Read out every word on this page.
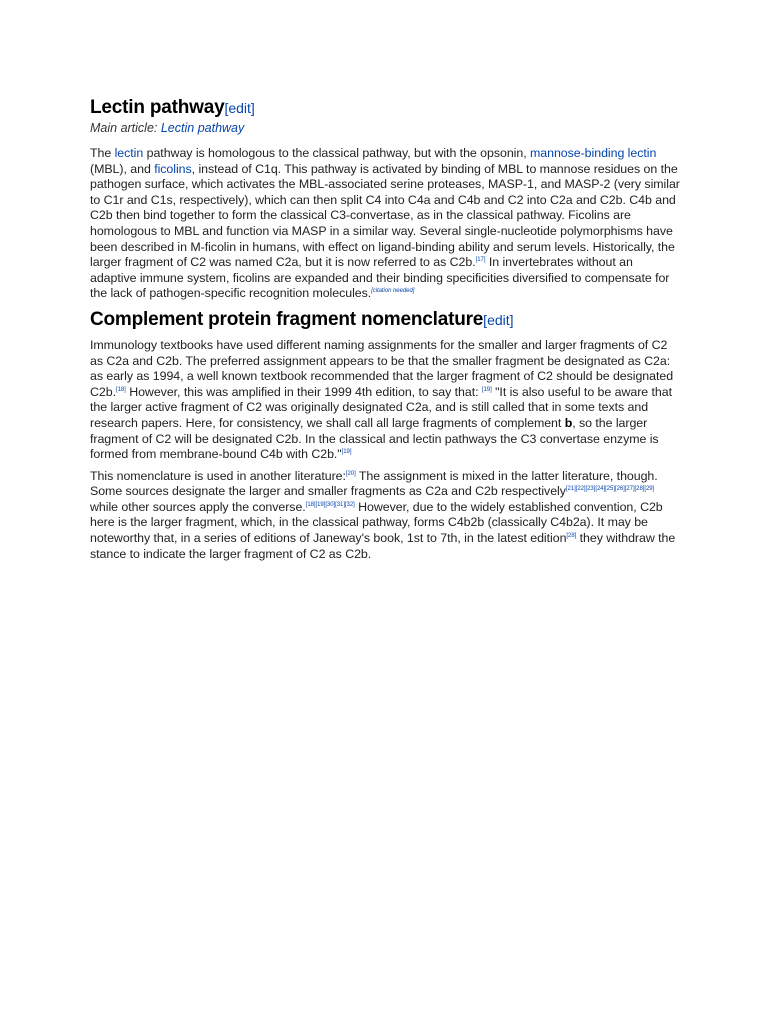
Lectin pathway[edit]
Main article: Lectin pathway

The lectin pathway is homologous to the classical pathway, but with the opsonin, mannose-binding lectin (MBL), and ficolins, instead of C1q. This pathway is activated by binding of MBL to mannose residues on the pathogen surface, which activates the MBL-associated serine proteases, MASP-1, and MASP-2 (very similar to C1r and C1s, respectively), which can then split C4 into C4a and C4b and C2 into C2a and C2b. C4b and C2b then bind together to form the classical C3-convertase, as in the classical pathway. Ficolins are homologous to MBL and function via MASP in a similar way. Several single-nucleotide polymorphisms have been described in M-ficolin in humans, with effect on ligand-binding ability and serum levels. Historically, the larger fragment of C2 was named C2a, but it is now referred to as C2b.[17] In invertebrates without an adaptive immune system, ficolins are expanded and their binding specificities diversified to compensate for the lack of pathogen-specific recognition molecules.[citation needed]

Complement protein fragment nomenclature[edit]

Immunology textbooks have used different naming assignments for the smaller and larger fragments of C2 as C2a and C2b. The preferred assignment appears to be that the smaller fragment be designated as C2a: as early as 1994, a well known textbook recommended that the larger fragment of C2 should be designated C2b.[18] However, this was amplified in their 1999 4th edition, to say that: [19] "It is also useful to be aware that the larger active fragment of C2 was originally designated C2a, and is still called that in some texts and research papers. Here, for consistency, we shall call all large fragments of complement b, so the larger fragment of C2 will be designated C2b. In the classical and lectin pathways the C3 convertase enzyme is formed from membrane-bound C4b with C2b."[19]

This nomenclature is used in another literature:[20] The assignment is mixed in the latter literature, though. Some sources designate the larger and smaller fragments as C2a and C2b respectively[21][22][23][24][25][26][27][28][29] while other sources apply the converse.[18][19][30][31][32] However, due to the widely established convention, C2b here is the larger fragment, which, in the classical pathway, forms C4b2b (classically C4b2a). It may be noteworthy that, in a series of editions of Janeway's book, 1st to 7th, in the latest edition[28] they withdraw the stance to indicate the larger fragment of C2 as C2b.
